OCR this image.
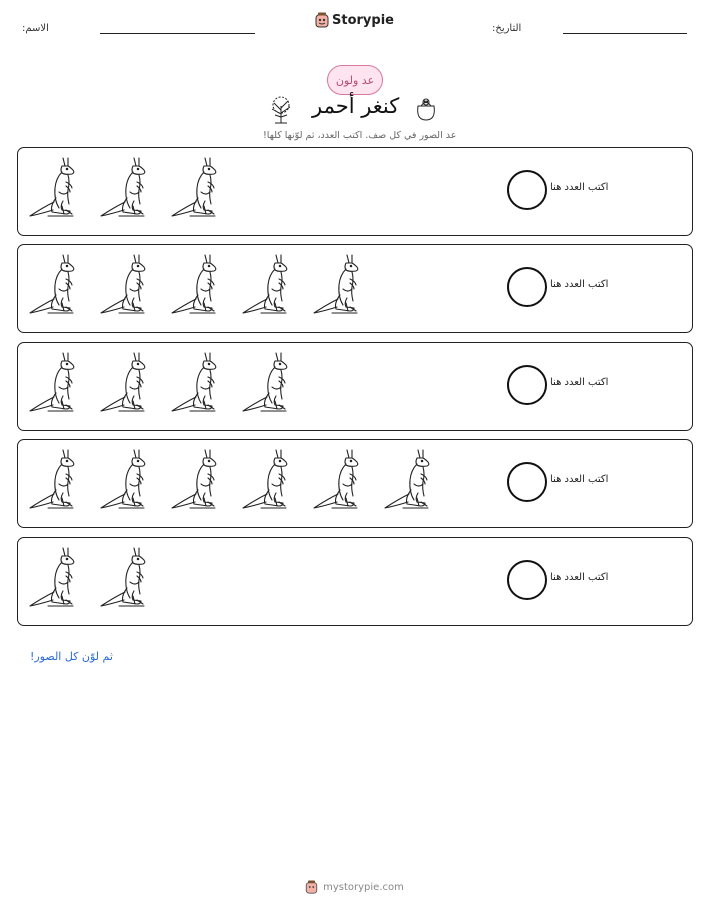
الاسم:
Storypie
التاريخ:
عد ولون
كنغر أحمر
عد الصور في كل صف. اكتب العدد، ثم لوّنها كلها!
اكتب العدد هنا
اكتب العدد هنا
اكتب العدد هنا
اكتب العدد هنا
اكتب العدد هنا
ثم لوّن كل الصور!
mystorypie.com
